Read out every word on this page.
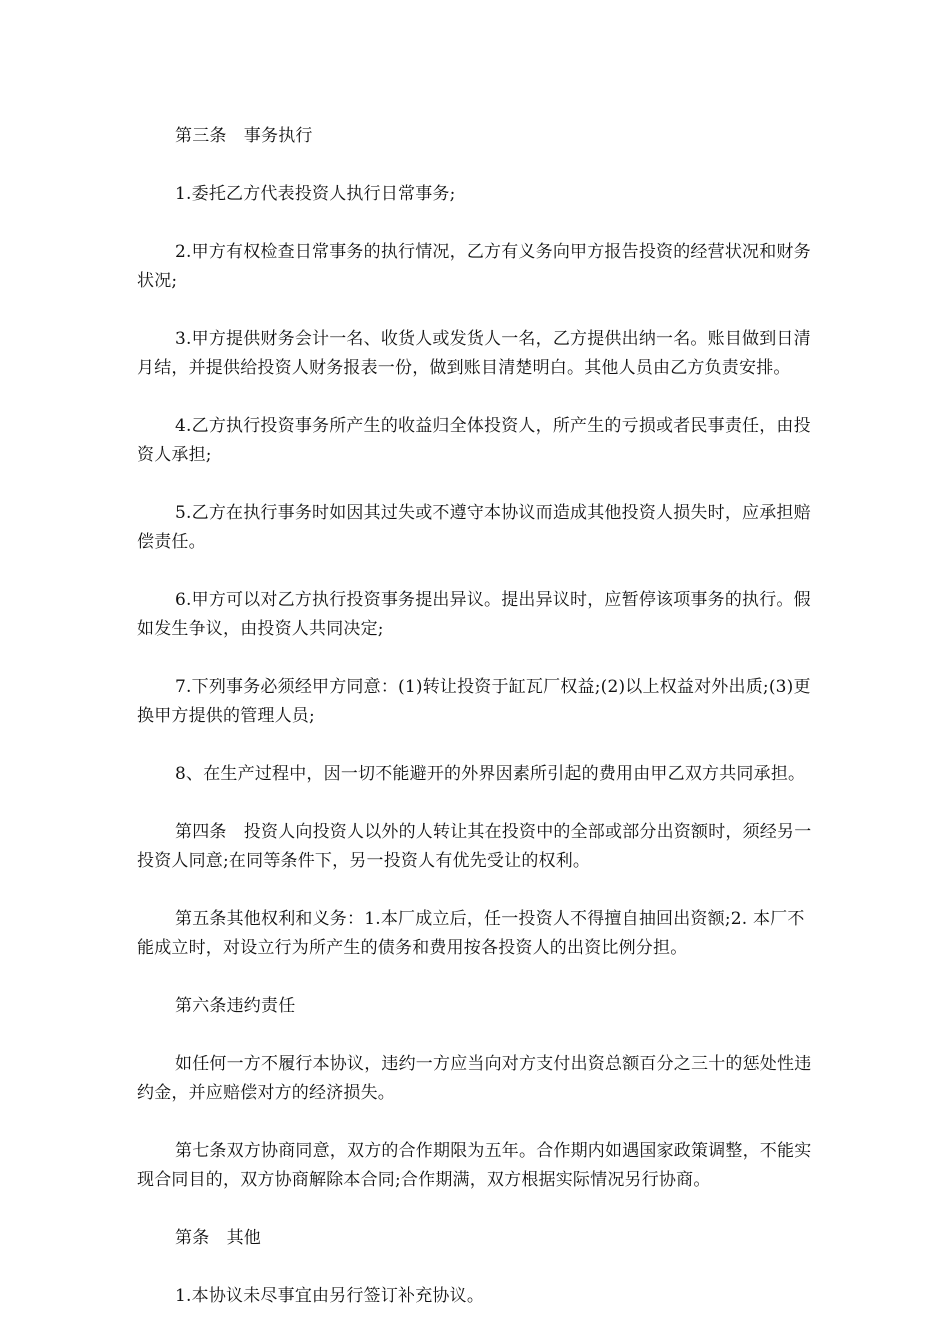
第三条　事务执行

1.委托乙方代表投资人执行日常事务;

2.甲方有权检查日常事务的执行情况，乙方有义务向甲方报告投资的经营状况和财务状况;

3.甲方提供财务会计一名、收货人或发货人一名，乙方提供出纳一名。账目做到日清月结，并提供给投资人财务报表一份，做到账目清楚明白。其他人员由乙方负责安排。

4.乙方执行投资事务所产生的收益归全体投资人，所产生的亏损或者民事责任，由投资人承担;

5.乙方在执行事务时如因其过失或不遵守本协议而造成其他投资人损失时，应承担赔偿责任。

6.甲方可以对乙方执行投资事务提出异议。提出异议时，应暂停该项事务的执行。假如发生争议，由投资人共同决定;

7.下列事务必须经甲方同意：(1)转让投资于缸瓦厂权益;(2)以上权益对外出质;(3)更换甲方提供的管理人员;

8、在生产过程中，因一切不能避开的外界因素所引起的费用由甲乙双方共同承担。

第四条　投资人向投资人以外的人转让其在投资中的全部或部分出资额时，须经另一投资人同意;在同等条件下，另一投资人有优先受让的权利。

第五条其他权利和义务：1.本厂成立后，任一投资人不得擅自抽回出资额;2. 本厂不能成立时，对设立行为所产生的债务和费用按各投资人的出资比例分担。

第六条违约责任

如任何一方不履行本协议，违约一方应当向对方支付出资总额百分之三十的惩处性违约金，并应赔偿对方的经济损失。

第七条双方协商同意，双方的合作期限为五年。合作期内如遇国家政策调整，不能实现合同目的，双方协商解除本合同;合作期满，双方根据实际情况另行协商。

第条　其他

1.本协议未尽事宜由另行签订补充协议。
